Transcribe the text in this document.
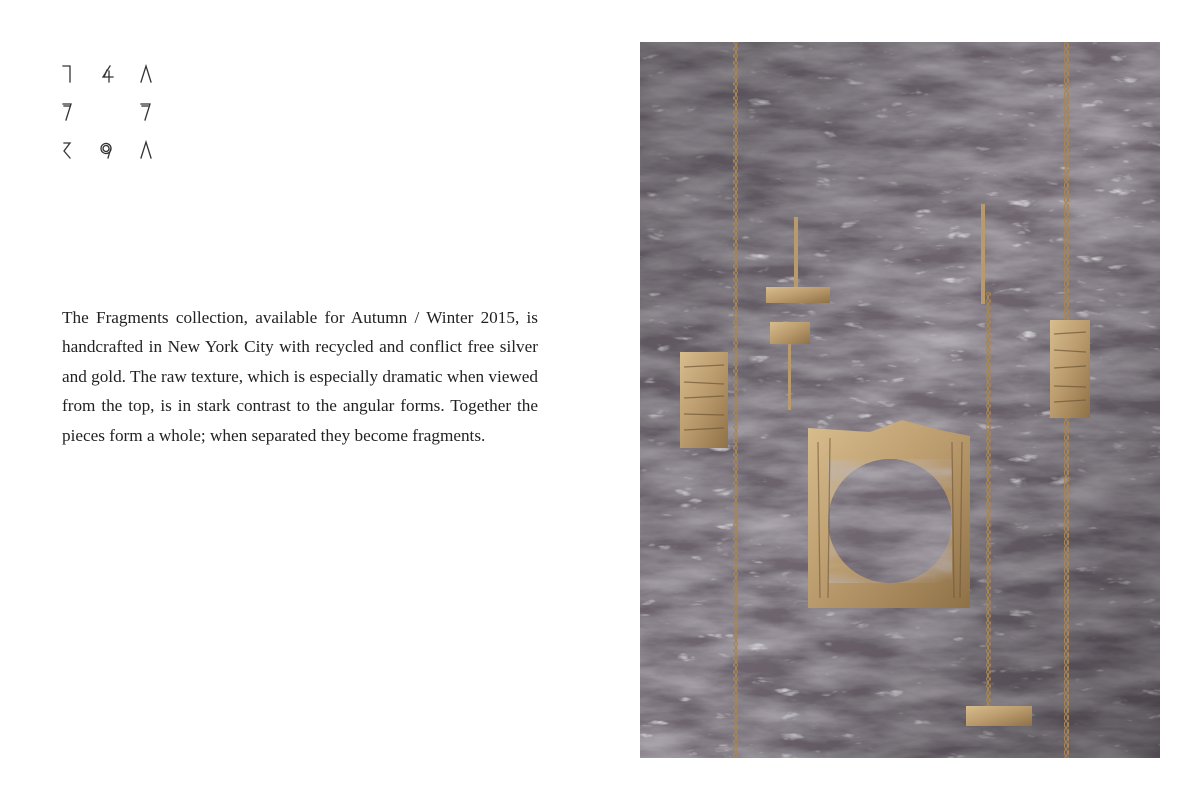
The Fragments collection, available for Autumn / Winter 2015, is handcrafted in New York City with recycled and conflict free silver and gold. The raw texture, which is especially dramatic when viewed from the top, is in stark contrast to the angular forms. Together the pieces form a whole; when separated they become fragments.
